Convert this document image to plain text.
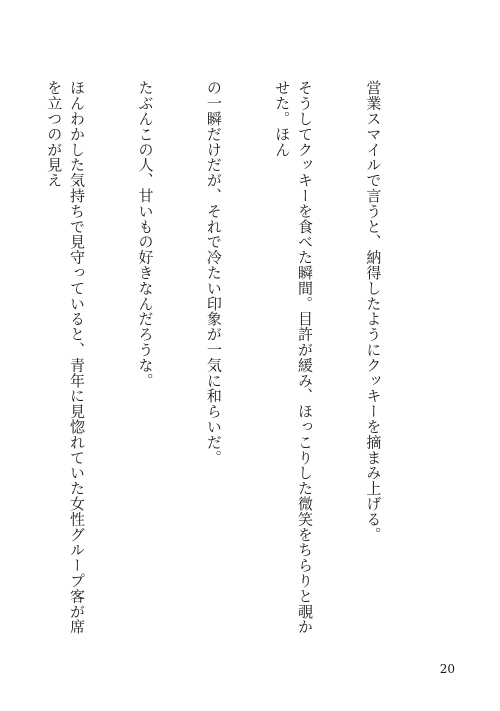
営業スマイルで言うと、納得したようにクッキーを摘まみ上げる。

そうしてクッキーを食べた瞬間。目許が緩み、ほっこりした微笑をちらりと覗かせた。ほん

の一瞬だけだが、それで冷たい印象が一気に和らいだ。

たぶんこの人、甘いもの好きなんだろうな。

ほんわかした気持ちで見守っていると、青年に見惚れていた女性グループ客が席を立つのが見え

20
